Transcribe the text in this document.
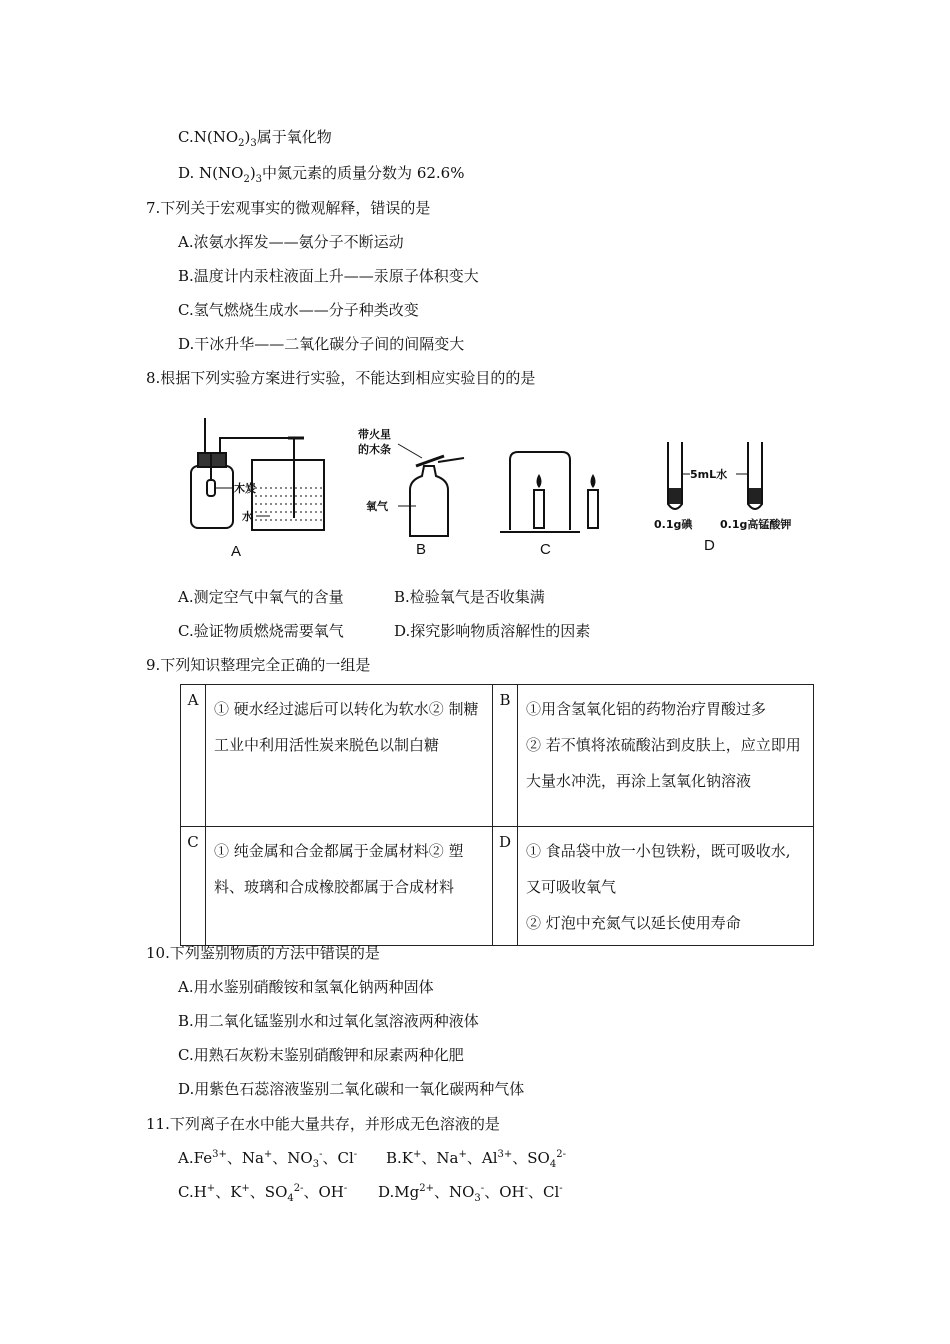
$C.N(NO_2)_3$属于氧化物
D. $N(NO_2)_3$中氮元素的质量分数为 62.6%
7.下列关于宏观事实的微观解释，错误的是
A.浓氨水挥发——氨分子不断运动
B.温度计内汞柱液面上升——汞原子体积变大
C.氢气燃烧生成水——分子种类改变
D.干冰升华——二氧化碳分子间的间隔变大
8.根据下列实验方案进行实验，不能达到相应实验目的的是
木炭
水
A
带火星
的木条
氧气
B	C
5mL水
0.1g碘	0.1g高锰酸钾
D
A.测定空气中氧气的含量	B.检验氧气是否收集满
C.验证物质燃烧需要氧气	D.探究影响物质溶解性的因素
9.下列知识整理完全正确的一组是
A	① 硬水经过滤后可以转化为软水② 制糖工业中利用活性炭来脱色以制白糖	B	①用含氢氧化铝的药物治疗胃酸过多
② 若不慎将浓硫酸沾到皮肤上，应立即用大量水冲洗，再涂上氢氧化钠溶液

C	① 纯金属和合金都属于金属材料② 塑料、玻璃和合成橡胶都属于合成材料	D	① 食品袋中放一小包铁粉，既可吸收水,又可吸收氧气
② 灯泡中充氮气以延长使用寿命
10.下列鉴别物质的方法中错误的是
A.用水鉴别硝酸铵和氢氧化钠两种固体
B.用二氧化锰鉴别水和过氧化氢溶液两种液体
C.用熟石灰粉末鉴别硝酸钾和尿素两种化肥
D.用紫色石蕊溶液鉴别二氧化碳和一氧化碳两种气体
11.下列离子在水中能大量共存，并形成无色溶液的是
$A.Fe^{3+}$、Na+、$NO_3^-$、Cl- B.K+、Na+、$Al^{3+}$、$SO_4^{2-}$
C.H+、K+、$SO_4^{2-}$、OH- $D.Mg^{2+}$、$NO_3^-$、OH-、Cl-
